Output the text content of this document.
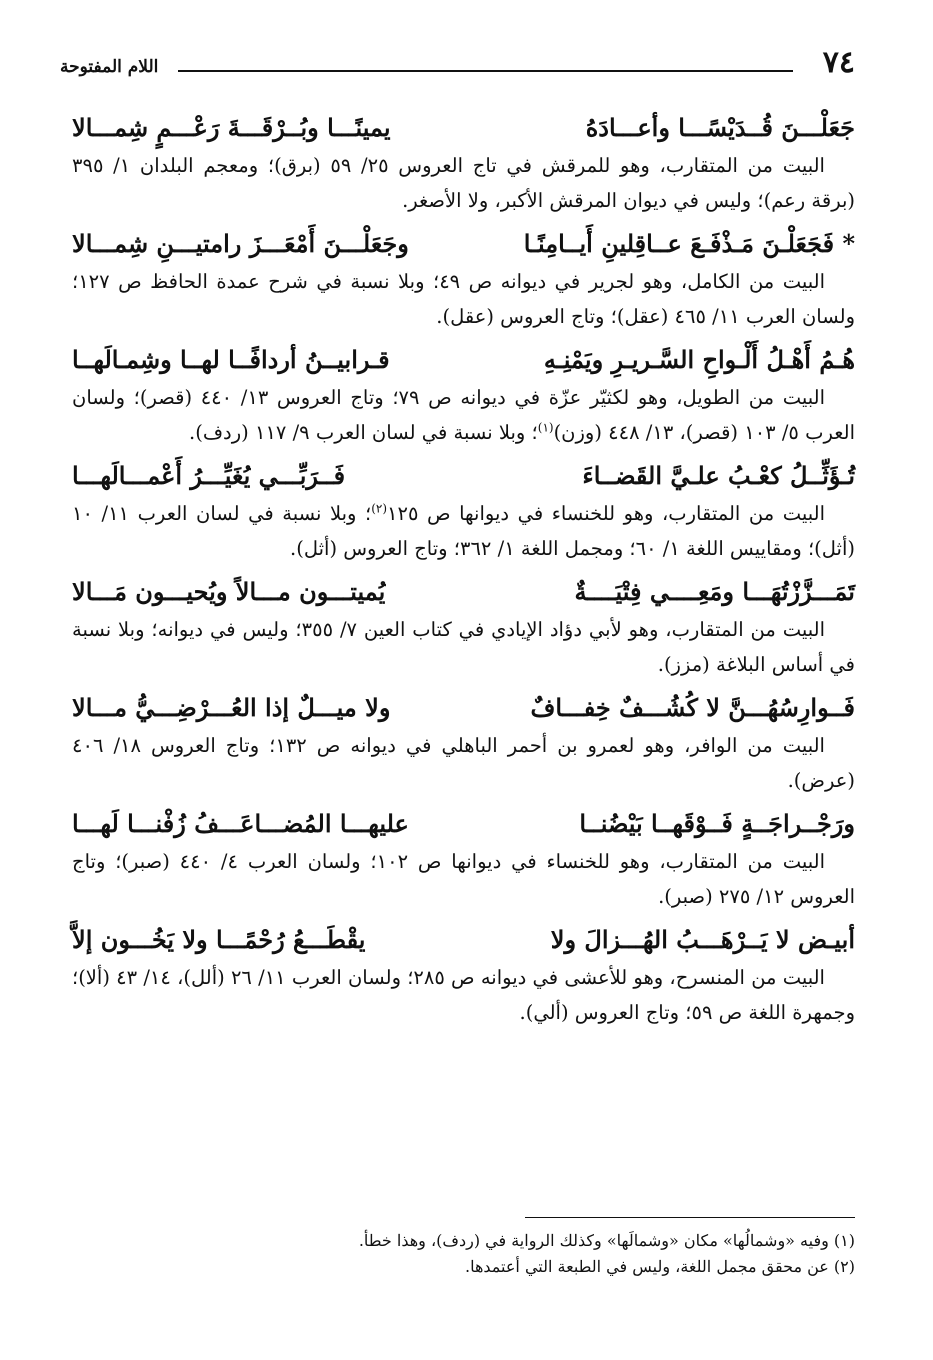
٧٤
اللام المفتوحة
جَعَلْـــنَ قُــدَيْسًـــا وأعـــادَهُ
يمينًـــا وبُــرْقَـــةَ رَعْـــمٍ شِمـــالا

البيت من المتقارب، وهو للمرقش في تاج العروس ٢٥/ ٥٩ (برق)؛ ومعجم البلدان ١/ ٣٩٥ (برقة رعم)؛ وليس في ديوان المرقش الأكبر، ولا الأصغر.

* فَجَعَلْـنَ مَـذْفَـعَ عــاقِلينِ أَيــامِنًـا
وجَعَلْـــنَ أَمْعَـــزَ رامتيـــنِ شِمـــالا

البيت من الكامل، وهو لجرير في ديوانه ص ٤٩؛ وبلا نسبة في شرح عمدة الحافظ ص ١٢٧؛ ولسان العرب ١١/ ٤٦٥ (عقل)؛ وتاج العروس (عقل).

هُـمُ أَهْـلُ أَلْـواحِ السَّـريـرِ ويَمْنِـهِ
قـرابيــنُ أردافًــا لهــا وشِمـالَهــا

البيت من الطويل، وهو لكثيّر عزّة في ديوانه ص ٧٩؛ وتاج العروس ١٣/ ٤٤٠ (قصر)؛ ولسان العرب ٥/ ١٠٣ (قصر)، ١٣/ ٤٤٨ (وزن)$^{(١)}$؛ وبلا نسبة في لسان العرب ٩/ ١١٧ (ردف).

تُـؤَثِّــلُ كعْـبُ علـيَّ القَضــاءَ
فَــرَبِّـــي يُغَيِّـــرُ أَعْمـــالَهـــا

البيت من المتقارب، وهو للخنساء في ديوانها ص ١٢٥$^{(٢)}$؛ وبلا نسبة في لسان العرب ١١/ ١٠ (أثل)؛ ومقاييس اللغة ١/ ٦٠؛ ومجمل اللغة ١/ ٣٦٢؛ وتاج العروس (أثل).

تَمَـــزَّزْتُهَـــا ومَعِــــي فِتْيَــــةٌ
يُميتـــون مـــالاً ويُحيـــون مَـــالا

البيت من المتقارب، وهو لأبي دؤاد الإيادي في كتاب العين ٧/ ٣٥٥؛ وليس في ديوانه؛ وبلا نسبة في أساس البلاغة (مزز).

فَــوارِسُهُـــنَّ لا كُشُـــفٌ خِفـــافٌ
ولا ميـــلٌ إذا العُـــرْضِـــيُّ مـــالا

البيت من الوافر، وهو لعمرو بن أحمر الباهلي في ديوانه ص ١٣٢؛ وتاج العروس ١٨/ ٤٠٦ (عرض).

ورَجْــراجَــةٍ فَــوْقَهــا بَيْضُنــا
عليهـــا المُضـــاعَـــفُ زُفْنـــا لَهـــا

البيت من المتقارب، وهو للخنساء في ديوانها ص ١٠٢؛ ولسان العرب ٤/ ٤٤٠ (صبر)؛ وتاج العروس ١٢/ ٢٧٥ (صبر).

أبيـض لا يَــرْهَـــبُ الهُـــزالَ ولا
يقْطَـــعُ رُحْمًـــا ولا يَخُـــون إلاَّ

البيت من المنسرح، وهو للأعشى في ديوانه ص ٢٨٥؛ ولسان العرب ١١/ ٢٦ (ألل)، ١٤/ ٤٣ (ألا)؛ وجمهرة اللغة ص ٥٩؛ وتاج العروس (ألي).

(١) وفيه «وشمالُها» مكان «وشمالَها» وكذلك الرواية في (ردف)، وهذا خطأ.
(٢) عن محقق مجمل اللغة، وليس في الطبعة التي أعتمدها.
